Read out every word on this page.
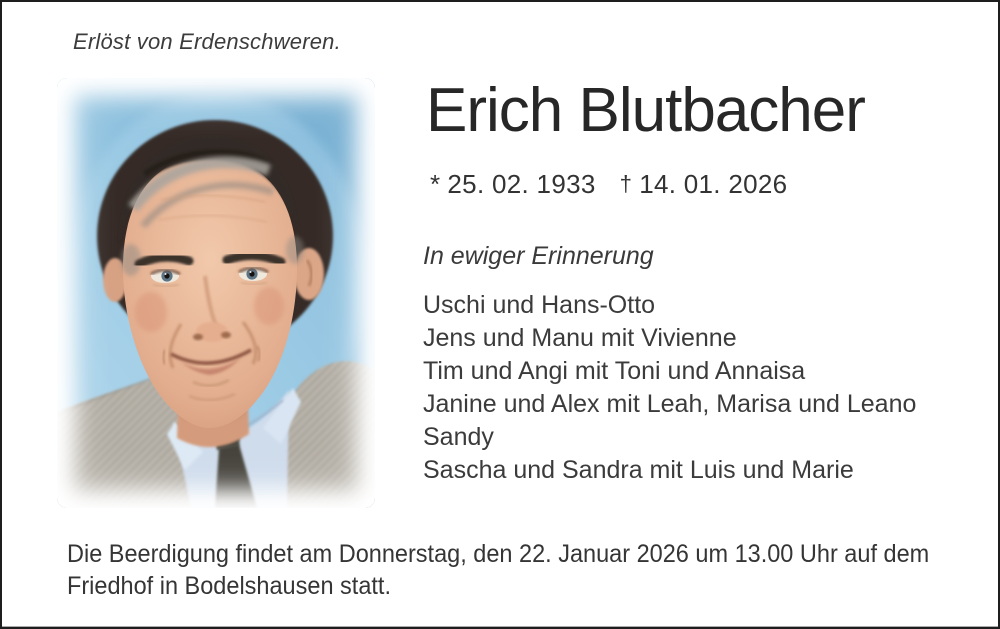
Erlöst von Erdenschweren.
Erich Blutbacher
* 25. 02. 1933 † 14. 01. 2026
In ewiger Erinnerung
Uschi und Hans-Otto
Jens und Manu mit Vivienne
Tim und Angi mit Toni und Annaisa
Janine und Alex mit Leah, Marisa und Leano
Sandy
Sascha und Sandra mit Luis und Marie
Die Beerdigung findet am Donnerstag, den 22. Januar 2026 um 13.00 Uhr auf dem
Friedhof in Bodelshausen statt.
